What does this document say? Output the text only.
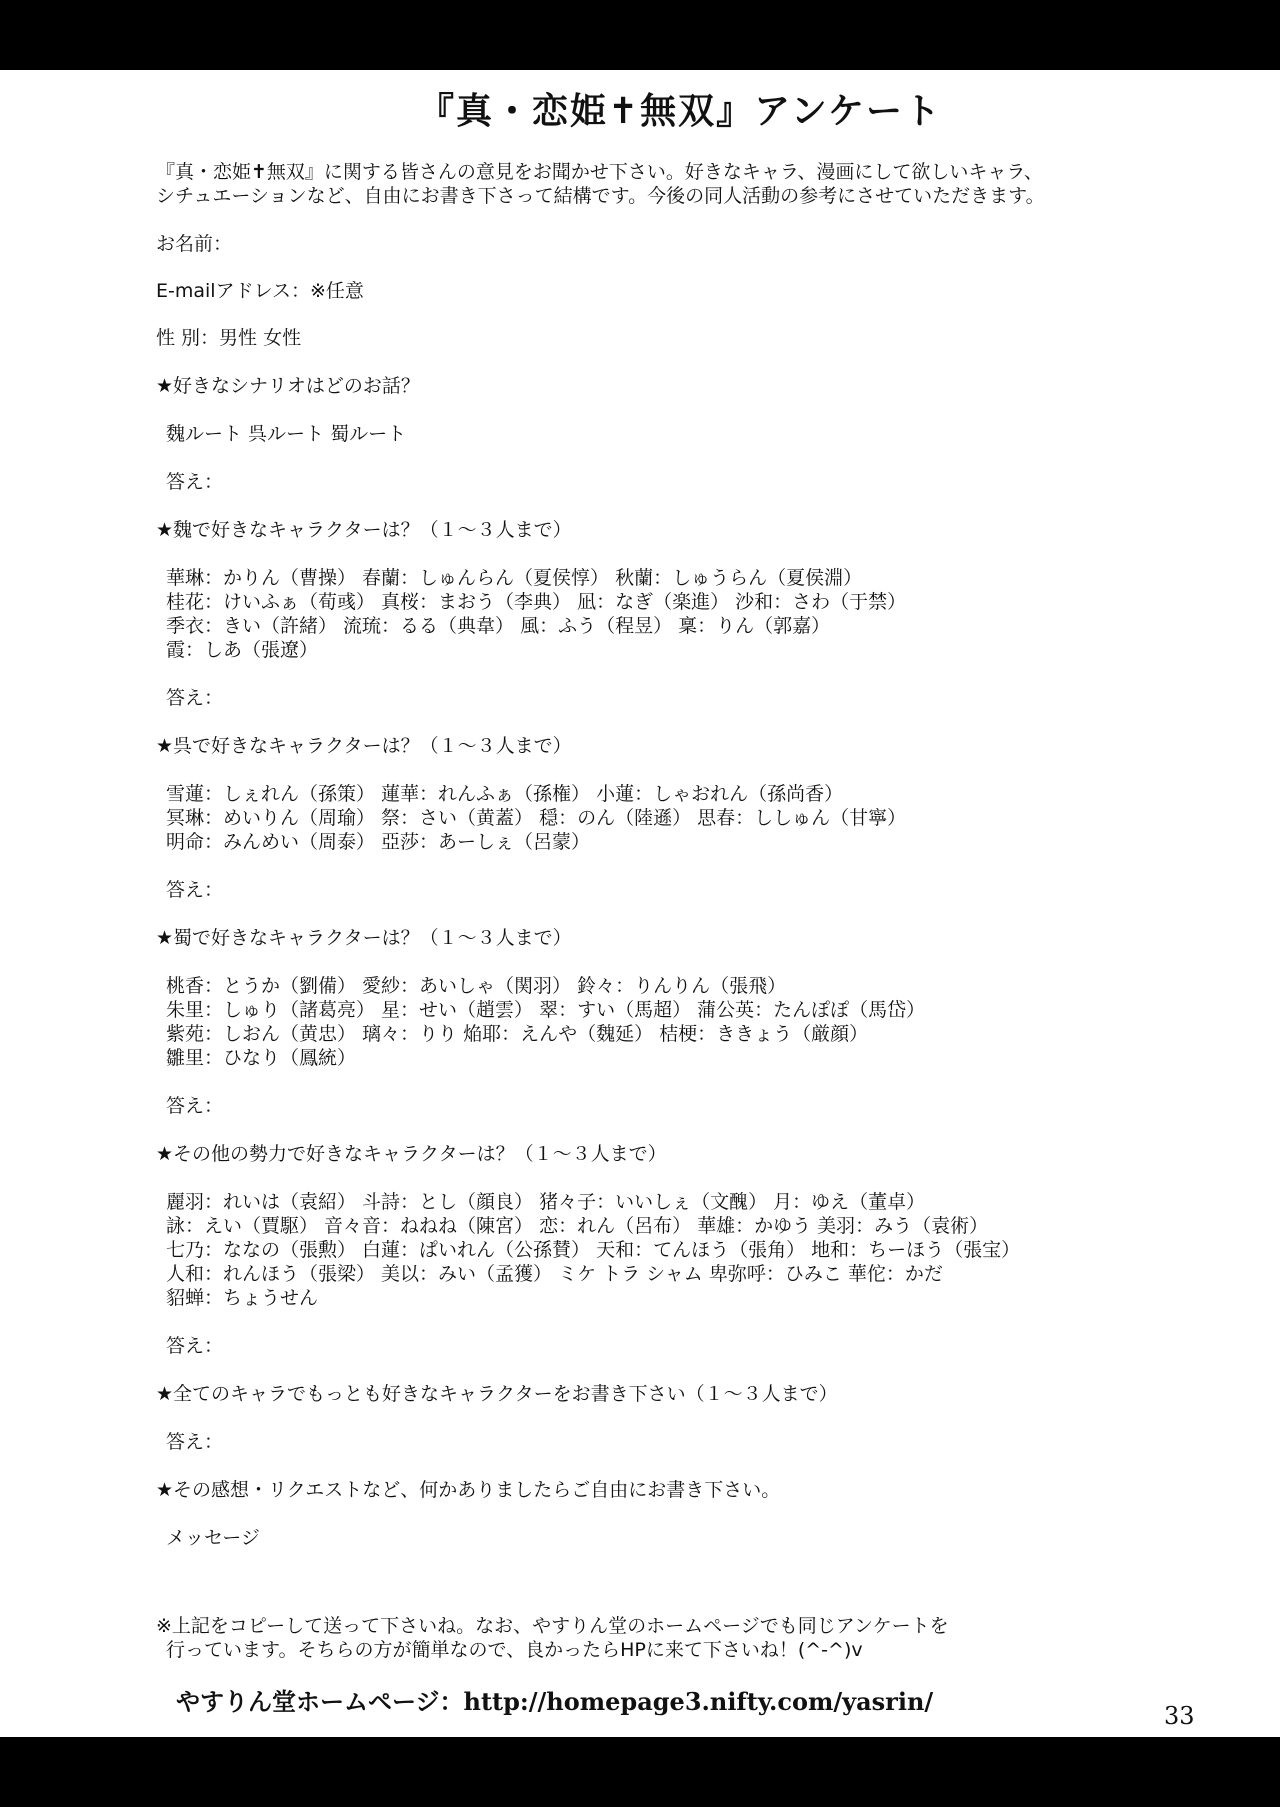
『真・恋姫✝無双』アンケート
『真・恋姫✝無双』に関する皆さんの意見をお聞かせ下さい。好きなキャラ、漫画にして欲しいキャラ、
シチュエーションなど、自由にお書き下さって結構です。今後の同人活動の参考にさせていただきます。
お名前：
E-mailアドレス：※任意
性 別：男性 女性
★好きなシナリオはどのお話？
魏ルート 呉ルート 蜀ルート
答え：
★魏で好きなキャラクターは？（１～３人まで）
華琳：かりん（曹操） 春蘭：しゅんらん（夏侯惇） 秋蘭：しゅうらん（夏侯淵）
桂花：けいふぁ（荀彧） 真桜：まおう（李典） 凪：なぎ（楽進） 沙和：さわ（于禁）
季衣：きい（許緒） 流琉：るる（典韋） 風：ふう（程昱） 稟：りん（郭嘉）
霞：しあ（張遼）
答え：
★呉で好きなキャラクターは？（１～３人まで）
雪蓮：しぇれん（孫策） 蓮華：れんふぁ（孫権） 小蓮：しゃおれん（孫尚香）
冥琳：めいりん（周瑜） 祭：さい（黄蓋） 穏：のん（陸遜） 思春：ししゅん（甘寧）
明命：みんめい（周泰） 亞莎：あーしぇ（呂蒙）
答え：
★蜀で好きなキャラクターは？（１～３人まで）
桃香：とうか（劉備） 愛紗：あいしゃ（関羽） 鈴々：りんりん（張飛）
朱里：しゅり（諸葛亮） 星：せい（趙雲） 翠：すい（馬超） 蒲公英：たんぽぽ（馬岱）
紫苑：しおん（黄忠） 璃々：りり 焔耶：えんや（魏延） 桔梗：ききょう（厳顔）
雛里：ひなり（鳳統）
答え：
★その他の勢力で好きなキャラクターは？（１～３人まで）
麗羽：れいは（袁紹） 斗詩：とし（顔良） 猪々子：いいしぇ（文醜） 月：ゆえ（董卓）
詠：えい（賈駆） 音々音：ねねね（陳宮） 恋：れん（呂布） 華雄：かゆう 美羽：みう（袁術）
七乃：ななの（張勲） 白蓮：ぱいれん（公孫賛） 天和：てんほう（張角） 地和：ちーほう（張宝）
人和：れんほう（張梁） 美以：みい（孟獲） ミケ トラ シャム 卑弥呼：ひみこ 華佗：かだ
貂蝉：ちょうせん
答え：
★全てのキャラでもっとも好きなキャラクターをお書き下さい（１～３人まで）
答え：
★その感想・リクエストなど、何かありましたらご自由にお書き下さい。
メッセージ
※上記をコピーして送って下さいね。なお、やすりん堂のホームページでも同じアンケートを
行っています。そちらの方が簡単なので、良かったらHPに来て下さいね！(^-^)v
やすりん堂ホームページ：http://homepage3.nifty.com/yasrin/	33
